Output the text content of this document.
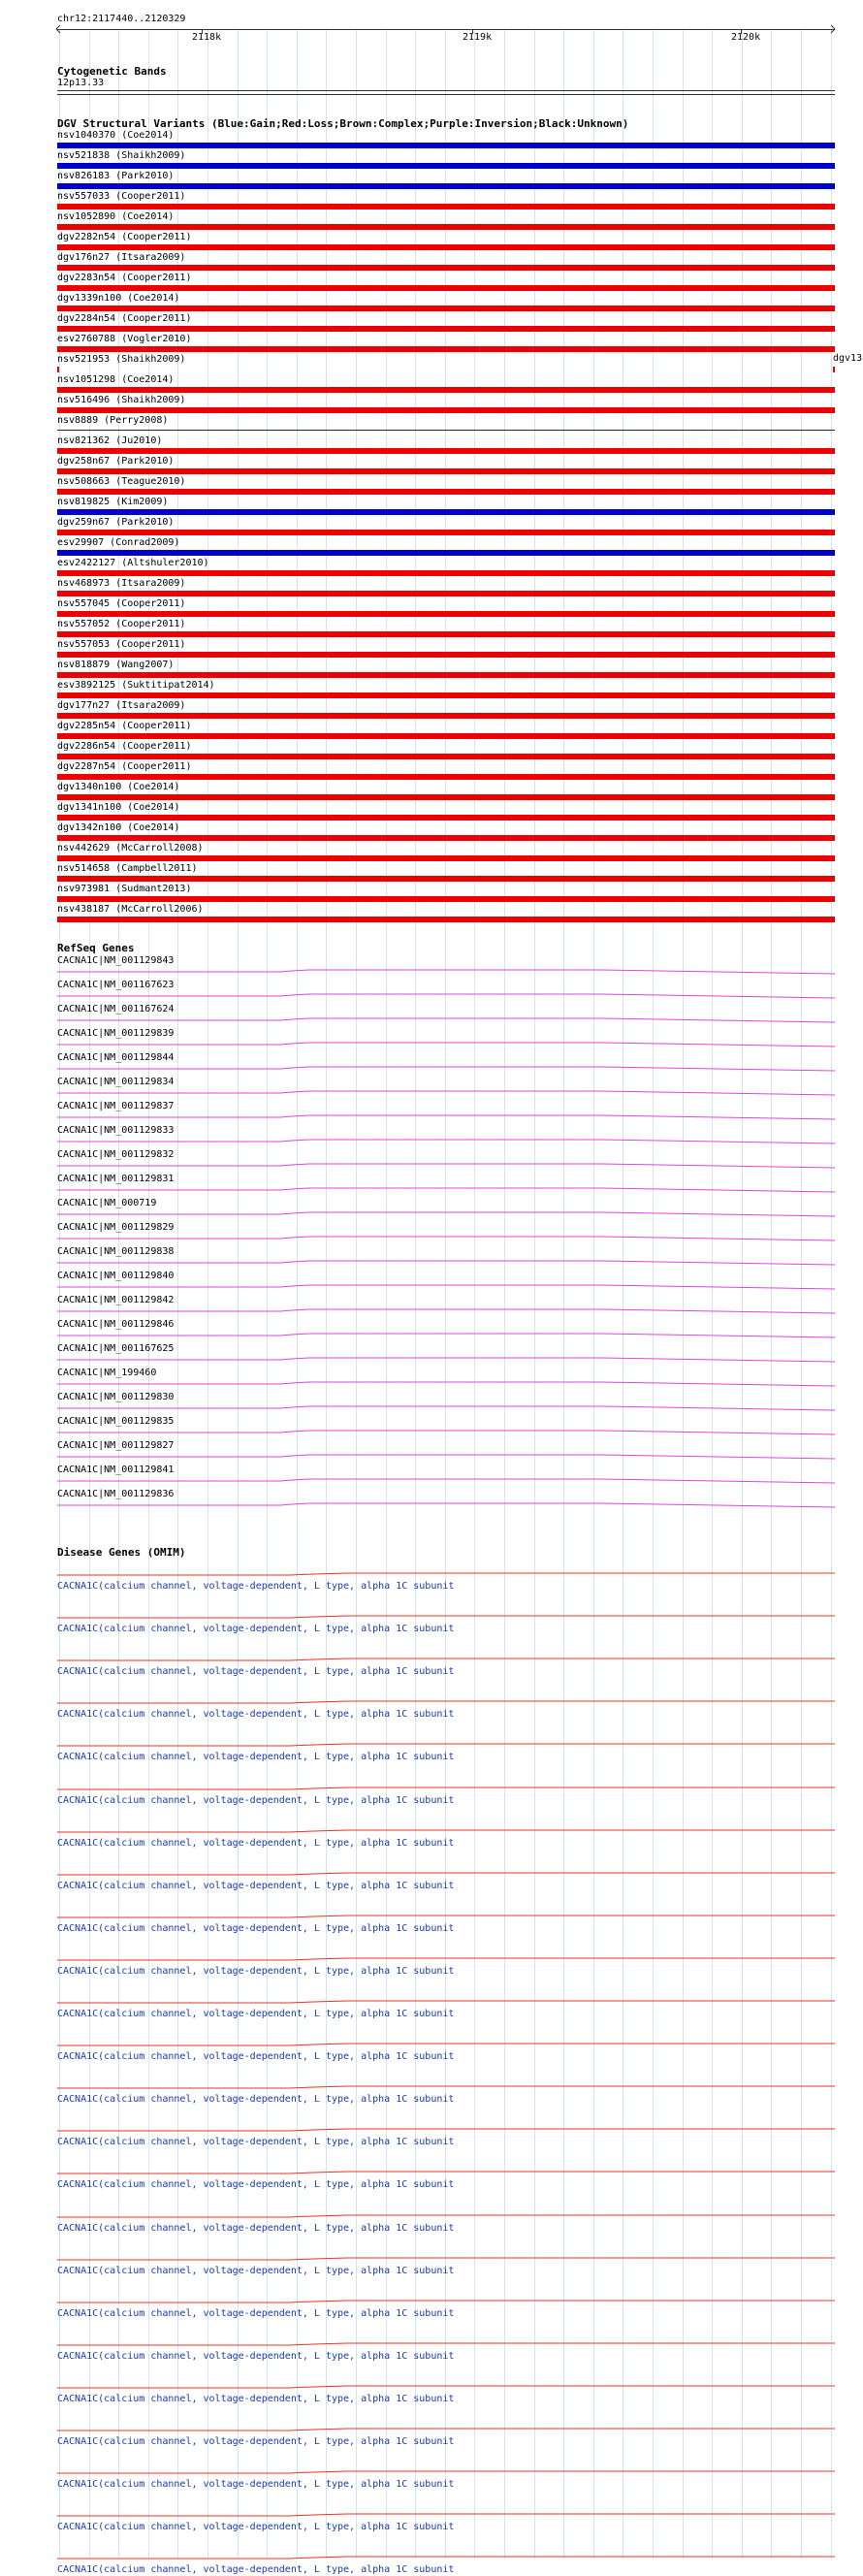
chr12:2117440..2120329
2118k	2119k	2120k
Cytogenetic Bands
12p13.33
DGV Structural Variants (Blue:Gain;Red:Loss;Brown:Complex;Purple:Inversion;Black:Unknown)
nsv1040370 (Coe2014)
nsv521838 (Shaikh2009)
nsv826183 (Park2010)
nsv557033 (Cooper2011)
nsv1052890 (Coe2014)
dgv2282n54 (Cooper2011)
dgv176n27 (Itsara2009)
dgv2283n54 (Cooper2011)
dgv1339n100 (Coe2014)
dgv2284n54 (Cooper2011)
esv2760788 (Vogler2010)
nsv521953 (Shaikh2009)
nsv1051298 (Coe2014)
nsv516496 (Shaikh2009)
nsv8889 (Perry2008)
nsv821362 (Ju2010)
dgv258n67 (Park2010)
nsv508663 (Teague2010)
nsv819825 (Kim2009)
dgv259n67 (Park2010)
esv29907 (Conrad2009)
esv2422127 (Altshuler2010)
nsv468973 (Itsara2009)
nsv557045 (Cooper2011)
nsv557052 (Cooper2011)
nsv557053 (Cooper2011)
nsv818879 (Wang2007)
esv3892125 (Suktitipat2014)
dgv177n27 (Itsara2009)
dgv2285n54 (Cooper2011)
dgv2286n54 (Cooper2011)
dgv2287n54 (Cooper2011)
dgv1340n100 (Coe2014)
dgv1341n100 (Coe2014)
dgv1342n100 (Coe2014)
nsv442629 (McCarroll2008)
nsv514658 (Campbell2011)
nsv973981 (Sudmant2013)
nsv438187 (McCarroll2006)
dgv13
RefSeq Genes
CACNA1C|NM_001129843
CACNA1C|NM_001167623
CACNA1C|NM_001167624
CACNA1C|NM_001129839
CACNA1C|NM_001129844
CACNA1C|NM_001129834
CACNA1C|NM_001129837
CACNA1C|NM_001129833
CACNA1C|NM_001129832
CACNA1C|NM_001129831
CACNA1C|NM_000719
CACNA1C|NM_001129829
CACNA1C|NM_001129838
CACNA1C|NM_001129840
CACNA1C|NM_001129842
CACNA1C|NM_001129846
CACNA1C|NM_001167625
CACNA1C|NM_199460
CACNA1C|NM_001129830
CACNA1C|NM_001129835
CACNA1C|NM_001129827
CACNA1C|NM_001129841
CACNA1C|NM_001129836
Disease Genes (OMIM)
CACNA1C(calcium channel, voltage-dependent, L type, alpha 1C subunit
CACNA1C(calcium channel, voltage-dependent, L type, alpha 1C subunit
CACNA1C(calcium channel, voltage-dependent, L type, alpha 1C subunit
CACNA1C(calcium channel, voltage-dependent, L type, alpha 1C subunit
CACNA1C(calcium channel, voltage-dependent, L type, alpha 1C subunit
CACNA1C(calcium channel, voltage-dependent, L type, alpha 1C subunit
CACNA1C(calcium channel, voltage-dependent, L type, alpha 1C subunit
CACNA1C(calcium channel, voltage-dependent, L type, alpha 1C subunit
CACNA1C(calcium channel, voltage-dependent, L type, alpha 1C subunit
CACNA1C(calcium channel, voltage-dependent, L type, alpha 1C subunit
CACNA1C(calcium channel, voltage-dependent, L type, alpha 1C subunit
CACNA1C(calcium channel, voltage-dependent, L type, alpha 1C subunit
CACNA1C(calcium channel, voltage-dependent, L type, alpha 1C subunit
CACNA1C(calcium channel, voltage-dependent, L type, alpha 1C subunit
CACNA1C(calcium channel, voltage-dependent, L type, alpha 1C subunit
CACNA1C(calcium channel, voltage-dependent, L type, alpha 1C subunit
CACNA1C(calcium channel, voltage-dependent, L type, alpha 1C subunit
CACNA1C(calcium channel, voltage-dependent, L type, alpha 1C subunit
CACNA1C(calcium channel, voltage-dependent, L type, alpha 1C subunit
CACNA1C(calcium channel, voltage-dependent, L type, alpha 1C subunit
CACNA1C(calcium channel, voltage-dependent, L type, alpha 1C subunit
CACNA1C(calcium channel, voltage-dependent, L type, alpha 1C subunit
CACNA1C(calcium channel, voltage-dependent, L type, alpha 1C subunit
CACNA1C(calcium channel, voltage-dependent, L type, alpha 1C subunit
